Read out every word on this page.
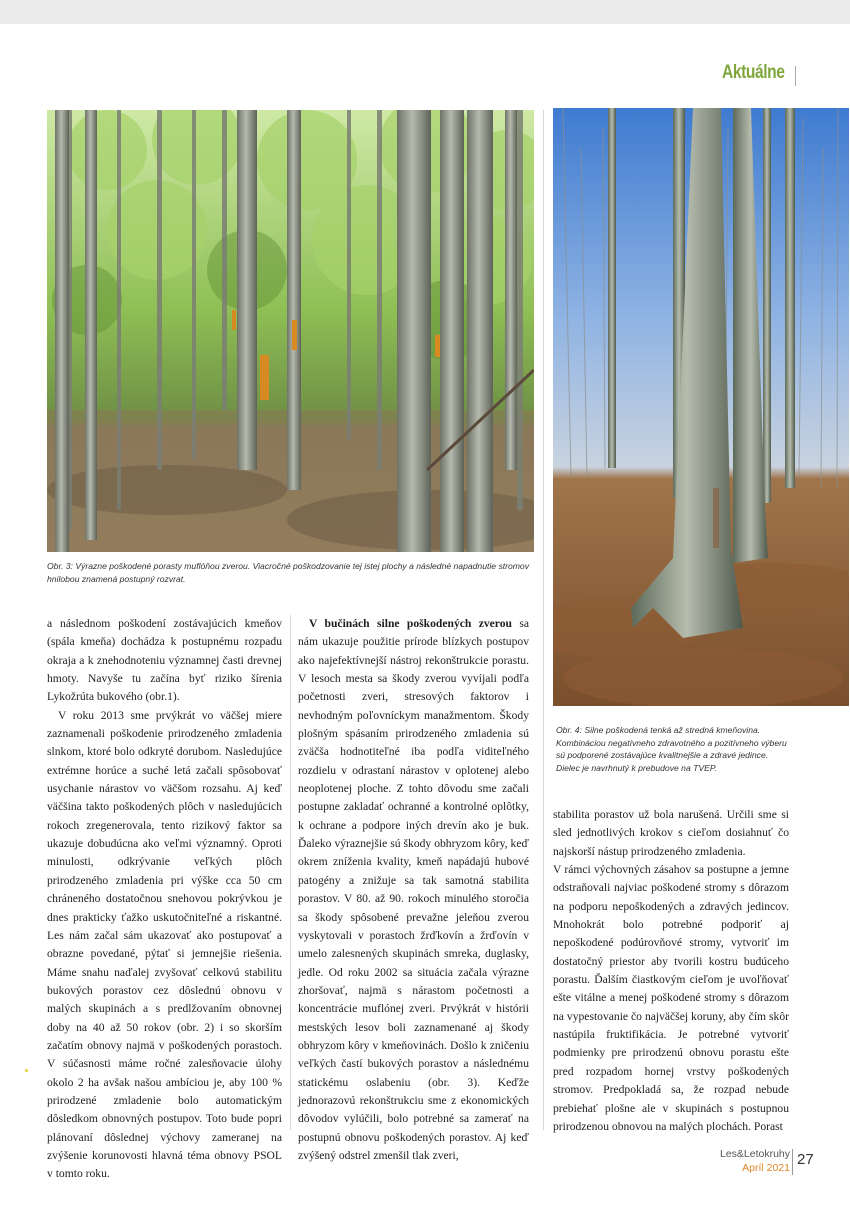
Aktuálne
Obr. 3: Výrazne poškodené porasty muflóňou zverou. Viacročné poškodzovanie tej istej plochy a následné napadnutie stromov hnilobou znamená postupný rozvrat.
Obr. 4: Silne poškodená tenká až stredná kmeňovina. Kombináciou negatívneho zdravotného a pozitívneho výberu sú podporené zostávajúce kvalitnejšie a zdravé jedince. Dielec je navrhnutý k prebudove na TVEP.

a následnom poškodení zostávajúcich kmeňov (spála kmeňa) dochádza k postupnému rozpadu okraja a k znehodnoteniu významnej časti drevnej hmoty. Navyše tu začína byť riziko šírenia Lykožrúta bukového (obr.1).

V roku 2013 sme prvýkrát vo väčšej miere zaznamenali poškodenie prirodzeného zmladenia slnkom, ktoré bolo odkryté dorubom. Nasledujúce extrémne horúce a suché letá začali spôsobovať usychanie nárastov vo väčšom rozsahu. Aj keď väčšina takto poškodených plôch v nasledujúcich rokoch zregenerovala, tento rizikový faktor sa ukazuje dobudúcna ako veľmi významný. Oproti minulosti, odkrývanie veľkých plôch prirodzeného zmladenia pri výške cca 50 cm chráneného dostatočnou snehovou pokrývkou je dnes prakticky ťažko uskutočniteľné a riskantné. Les nám začal sám ukazovať ako postupovať a obrazne povedané, pýtať si jemnejšie riešenia. Máme snahu naďalej zvyšovať celkovú stabilitu bukových porastov cez dôslednú obnovu v malých skupinách a s predlžovaním obnovnej doby na 40 až 50 rokov (obr. 2) i so skorším začatím obnovy najmä v poškodených porastoch. V súčasnosti máme ročné zalesňovacie úlohy okolo 2 ha avšak našou ambíciou je, aby 100 % prirodzené zmladenie bolo automatickým dôsledkom obnovných postupov. Toto bude popri plánovaní dôslednej výchovy zameranej na zvýšenie korunovosti hlavná téma obnovy PSOL v tomto roku.

V bučinách silne poškodených zverou sa nám ukazuje použitie prírode blízkych postupov ako najefektívnejší nástroj rekonštrukcie porastu. V lesoch mesta sa škody zverou vyvíjali podľa početnosti zveri, stresových faktorov i nevhodným poľovníckym manažmentom. Škody plošným spásaním prirodzeného zmladenia sú zväčša hodnotiteľné iba podľa viditeľného rozdielu v odrastaní nárastov v oplotenej alebo neoplotenej ploche. Z tohto dôvodu sme začali postupne zakladať ochranné a kontrolné oplôtky, k ochrane a podpore iných drevín ako je buk. Ďaleko výraznejšie sú škody obhryzom kôry, keď okrem zníženia kvality, kmeň napádajú hubové patogény a znižuje sa tak samotná stabilita porastov. V 80. až 90. rokoch minulého storočia sa škody spôsobené prevažne jeleňou zverou vyskytovali v porastoch žrďkovín a žrďovín v umelo zalesnených skupinách smreka, duglasky, jedle. Od roku 2002 sa situácia začala výrazne zhoršovať, najmä s nárastom početnosti a koncentrácie muflónej zveri. Prvýkrát v histórii mestských lesov boli zaznamenané aj škody obhryzom kôry v kmeňovinách. Došlo k zničeniu veľkých častí bukových porastov a následnému statickému oslabeniu (obr. 3). Keďže jednorazovú rekonštrukciu sme z ekonomických dôvodov vylúčili, bolo potrebné sa zamerať na postupnú obnovu poškodených porastov. Aj keď zvýšený odstrel zmenšil tlak zveri,

stabilita porastov už bola narušená. Určili sme si sled jednotlivých krokov s cieľom dosiahnuť čo najskorší nástup prirodzeného zmladenia.

V rámci výchovných zásahov sa postupne a jemne odstraňovali najviac poškodené stromy s dôrazom na podporu nepoškodených a zdravých jedincov. Mnohokrát bolo potrebné podporiť aj nepoškodené podúrovňové stromy, vytvoriť im dostatočný priestor aby tvorili kostru budúceho porastu. Ďalším čiastkovým cieľom je uvoľňovať ešte vitálne a menej poškodené stromy s dôrazom na vypestovanie čo najväčšej koruny, aby čím skôr nastúpila fruktifikácia. Je potrebné vytvoriť podmienky pre prirodzenú obnovu porastu ešte pred rozpadom hornej vrstvy poškodených stromov. Predpokladá sa, že rozpad nebude prebiehať plošne ale v skupinách s postupnou prirodzenou obnovou na malých plochách. Porast

Les&Letokruhy
Apríl 2021 27
